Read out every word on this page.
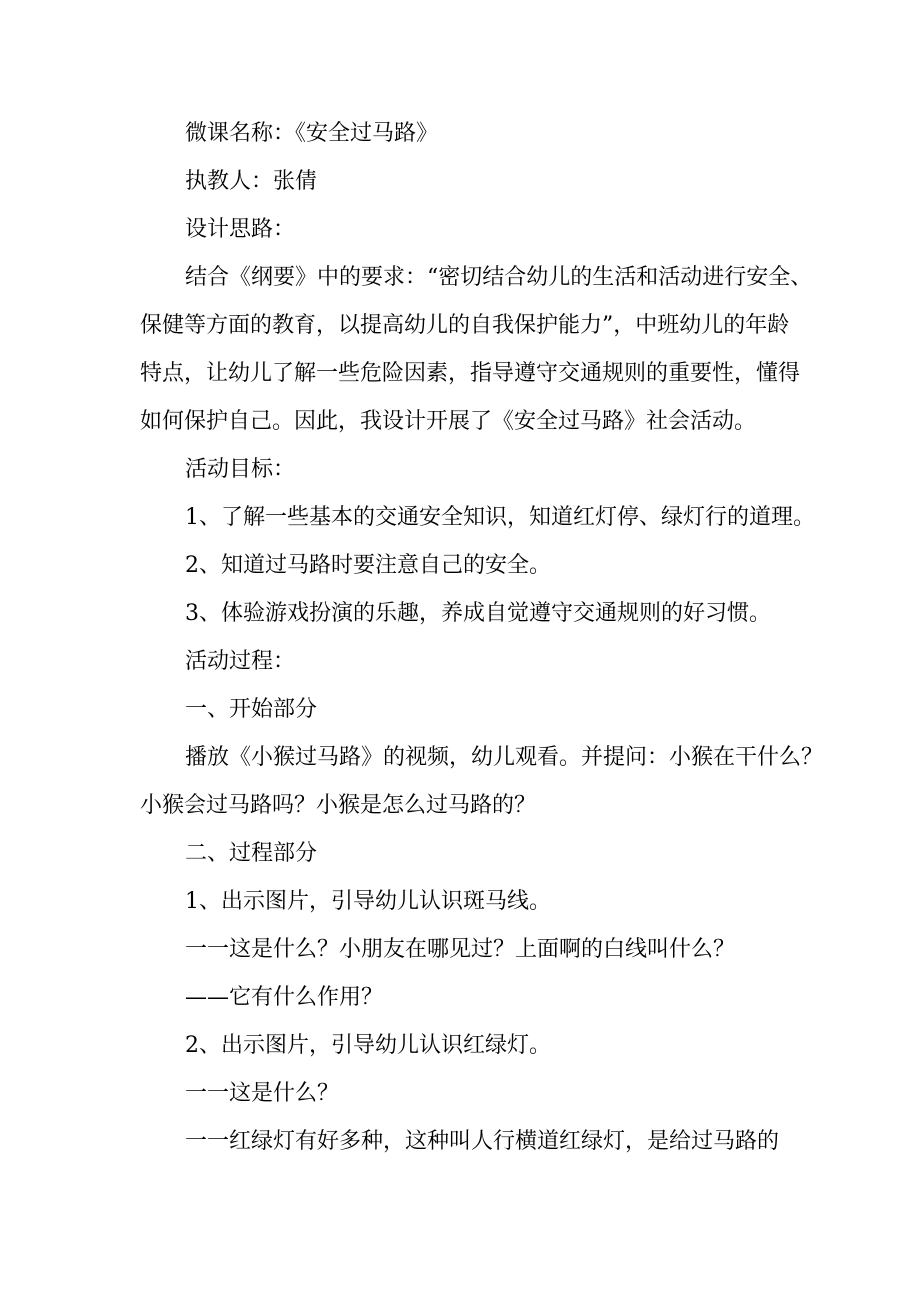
微课名称：《安全过马路》
执教人：张倩
设计思路：
结合《纲要》中的要求：“密切结合幼儿的生活和活动进行安全、
保健等方面的教育，以提高幼儿的自我保护能力”，中班幼儿的年龄
特点，让幼儿了解一些危险因素，指导遵守交通规则的重要性，懂得
如何保护自己。因此，我设计开展了《安全过马路》社会活动。
活动目标：
1、了解一些基本的交通安全知识，知道红灯停、绿灯行的道理。
2、知道过马路时要注意自己的安全。
3、体验游戏扮演的乐趣，养成自觉遵守交通规则的好习惯。
活动过程：
一、开始部分
播放《小猴过马路》的视频，幼儿观看。并提问：小猴在干什么？
小猴会过马路吗？小猴是怎么过马路的？
二、过程部分
1、出示图片，引导幼儿认识斑马线。
一一这是什么？小朋友在哪见过？上面啊的白线叫什么？
——它有什么作用？
2、出示图片，引导幼儿认识红绿灯。
一一这是什么？
一一红绿灯有好多种，这种叫人行横道红绿灯，是给过马路的
